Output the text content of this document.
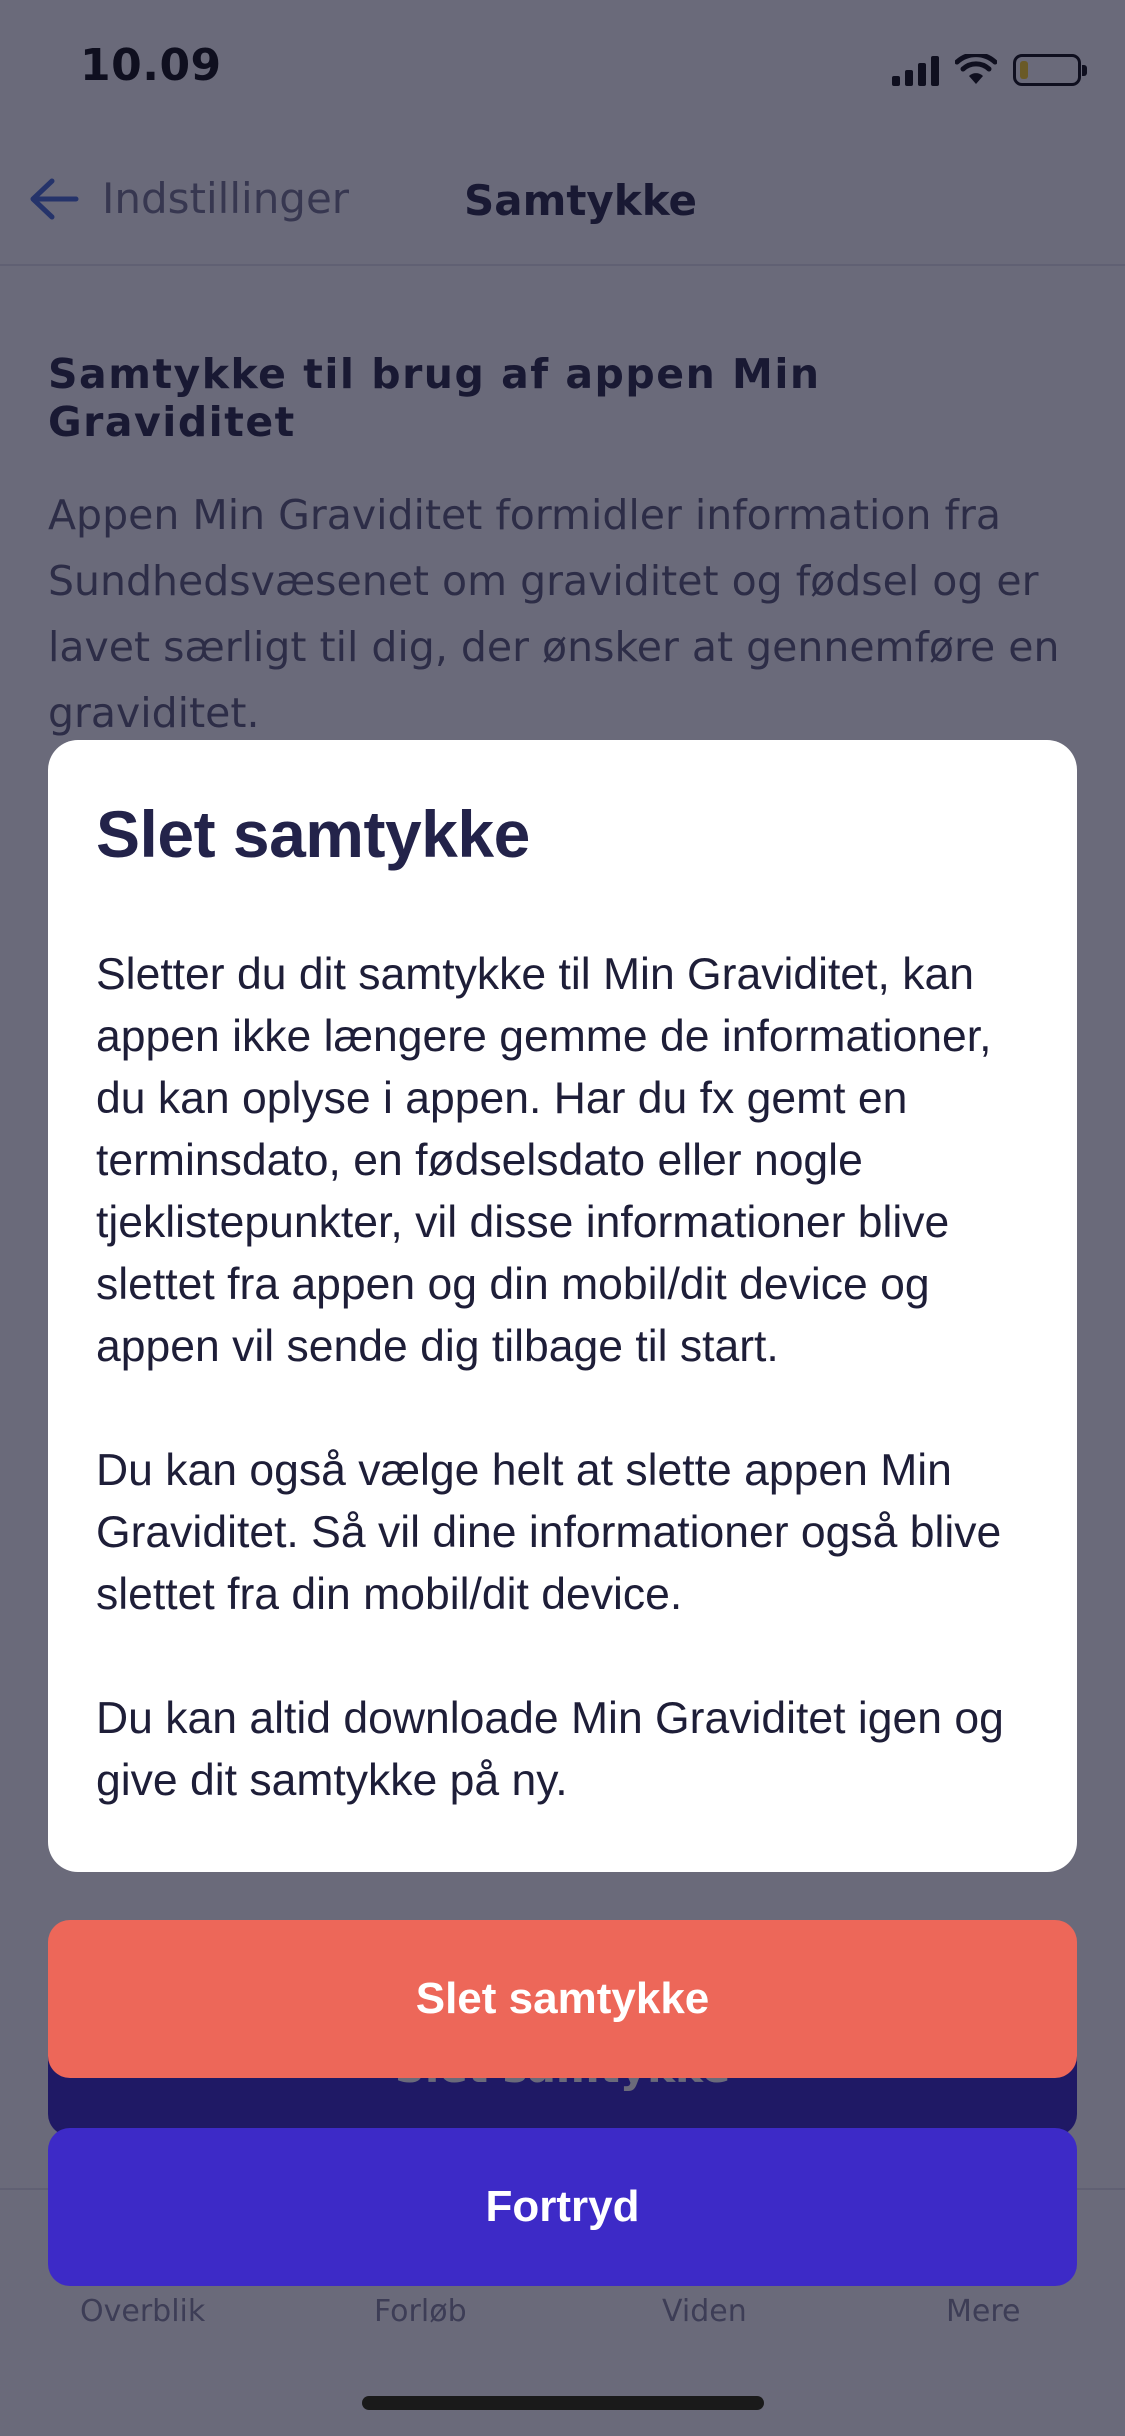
Slet samtykke

Sletter du dit samtykke til Min Graviditet, kan appen ikke længere gemme de informationer, du kan oplyse i appen. Har du fx gemt en terminsdato, en fødselsdato eller nogle tjeklistepunkter, vil disse informationer blive slettet fra appen og din mobil/dit device og appen vil sende dig tilbage til start.

Du kan også vælge helt at slette appen Min Graviditet. Så vil dine informationer også blive slettet fra din mobil/dit device.

Du kan altid downloade Min Graviditet igen og give dit samtykke på ny.

Slet samtykke
Fortryd
